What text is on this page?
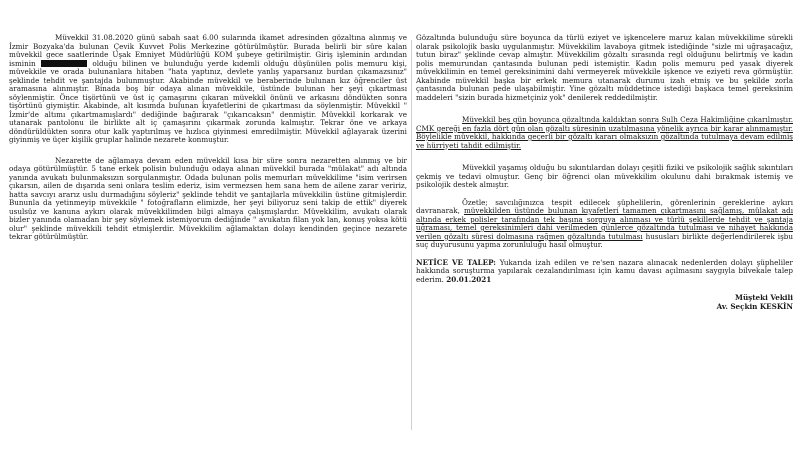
Müvekkil 31.08.2020 günü sabah saat 6.00 sularında ikamet adresinden gözaltına alınmış ve İzmir Bozyaka'da bulunan Çevik Kuvvet Polis Merkezine götürülmüştür. Burada belirli bir süre kalan müvekkil gece saatlerinde Uşak Emniyet Müdürlüğü KOM şubeye getirilmiştir. Giriş işleminin ardından isminin	olduğu bilinen ve bulunduğu yerde kıdemli olduğu düşünülen polis memuru kişi, müvekkile ve orada bulunanlara hitaben "hata yaptınız, devlete yanlış yaparsanız burdan çıkamazsınız" şeklinde tehdit ve şantajda bulunmuştur. Akabinde müvekkil ve beraberinde bulunan kız öğrenciler üst aramasına alınmıştır. Binada boş bir odaya alınan müvekkile, üstünde bulunan her şeyi çıkartması söylenmiştir. Önce tişörtünü ve üst iç çamaşırını çıkaran müvekkil önünü ve arkasını döndükten sonra tişörtünü giymiştir. Akabinde, alt kısımda bulunan kıyafetlerini de çıkartması da söylenmiştir. Müvekkil " İzmir'de altımı çıkartmamışlardı" dediğinde bağırarak "çıkarıcaksın" denmiştir. Müvekkil korkarak ve utanarak pantolonu ile birlikte alt iç çamaşırını çıkarmak zorunda kalmıştır. Tekrar öne ve arkaya döndürüldükten sonra otur kalk yaptırılmış ve hızlıca giyinmesi emredilmiştir. Müvekkil ağlayarak üzerini giyinmiş ve üçer kişilik gruplar halinde nezarete konmuştur.

Nezarette de ağlamaya devam eden müvekkil kısa bir süre sonra nezaretten alınmış ve bir odaya götürülmüştür. 5 tane erkek polisin bulunduğu odaya alınan müvekkil burada "mülakat" adı altında yanında avukatı bulunmaksızın sorgulanmıştır. Odada bulunan polis memurları müvekkilime "isim verirsen çıkarsın, ailen de dışarıda seni onlara teslim ederiz, isim vermezsen hem sana hem de ailene zarar veririz, hatta savcıyı ararız uslu durmadığını söyleriz" şeklinde tehdit ve şantajlarla müvekkilin üstüne gitmişlerdir. Bununla da yetinmeyip müvekkile " fotoğrafların elimizde, her şeyi biliyoruz seni takip de ettik" diyerek usulsüz ve kanuna aykırı olarak müvekkilimden bilgi almaya çalışmışlardır. Müvekkilim, avukatı olarak bizler yanında olamadan bir şey söylemek istemiyorum dediğinde " avukatın filan yok lan, konuş yoksa kötü olur" şeklinde müvekkili tehdit etmişlerdir. Müvekkilim ağlamaktan dolayı kendinden geçince nezarete tekrar götürülmüştür.

Gözaltında bulunduğu süre boyunca da türlü eziyet ve işkencelere maruz kalan müvekkilime sürekli olarak psikolojik baskı uygulanmıştır. Müvekkilim lavaboya gitmek istediğinde "sizle mi uğraşacağız, tutun biraz" şeklinde cevap almıştır. Müvekkilim gözaltı sırasında regl olduğunu belirtmiş ve kadın polis memurundan çantasında bulunan pedi istemiştir. Kadın polis memuru ped yasak diyerek müvekkilimin en temel gereksinimini dahi vermeyerek müvekkile işkence ve eziyeti reva görmüştür. Akabinde müvekkil başka bir erkek memura utanarak durumu izah etmiş ve bu şekilde zorla çantasında bulunan pede ulaşabilmiştir. Yine gözaltı müddetince istediği başkaca temel gereksinim maddeleri "sizin burada hizmetçiniz yok" denilerek reddedilmiştir.

Müvekkil beş gün boyunca gözaltında kaldıktan sonra Sulh Ceza Hakimliğine çıkarılmıştır. CMK gereği en fazla dört gün olan gözaltı süresinin uzatılmasına yönelik ayrıca bir karar alınmamıştır. Böylelikle müvekkil, hakkında geçerli bir gözaltı kararı olmaksızın gözaltında tutulmaya devam edilmiş ve hürriyeti tahdit edilmiştir.

Müvekkil yaşamış olduğu bu sıkıntılardan dolayı çeşitli fiziki ve psikolojik sağlık sıkıntıları çekmiş ve tedavi olmuştur. Genç bir öğrenci olan müvekkilim okulunu dahi bırakmak istemiş ve psikolojik destek almıştır.

Özetle; savcılığınızca tespit edilecek şüphelilerin, görenlerinin gereklerine aykırı davranarak, müvekkilden üstünde bulunan kıyafetleri tamamen çıkartmasını sağlamış, mülakat adı altında erkek polisler tarafından tek başına sorguya alınması ve türlü şekillerde tehdit ve şantaja uğraması, temel gereksinimleri dahi verilmeden günlerce gözaltında tutulması ve nihayet hakkında verilen gözaltı süresi dolmasına rağmen gözaltında tutulması hususları birlikte değerlendirilerek işbu suç duyurusunu yapma zorunluluğu hasıl olmuştur.

NETİCE VE TALEP: Yukarıda izah edilen ve re'sen nazara alınacak nedenlerden dolayı şüpheliler hakkında soruşturma yapılarak cezalandırılması için kamu davası açılmasını saygıyla bilvekale talep ederim. 20.01.2021

Müşteki Vekili
Av. Seçkin KESKİN
